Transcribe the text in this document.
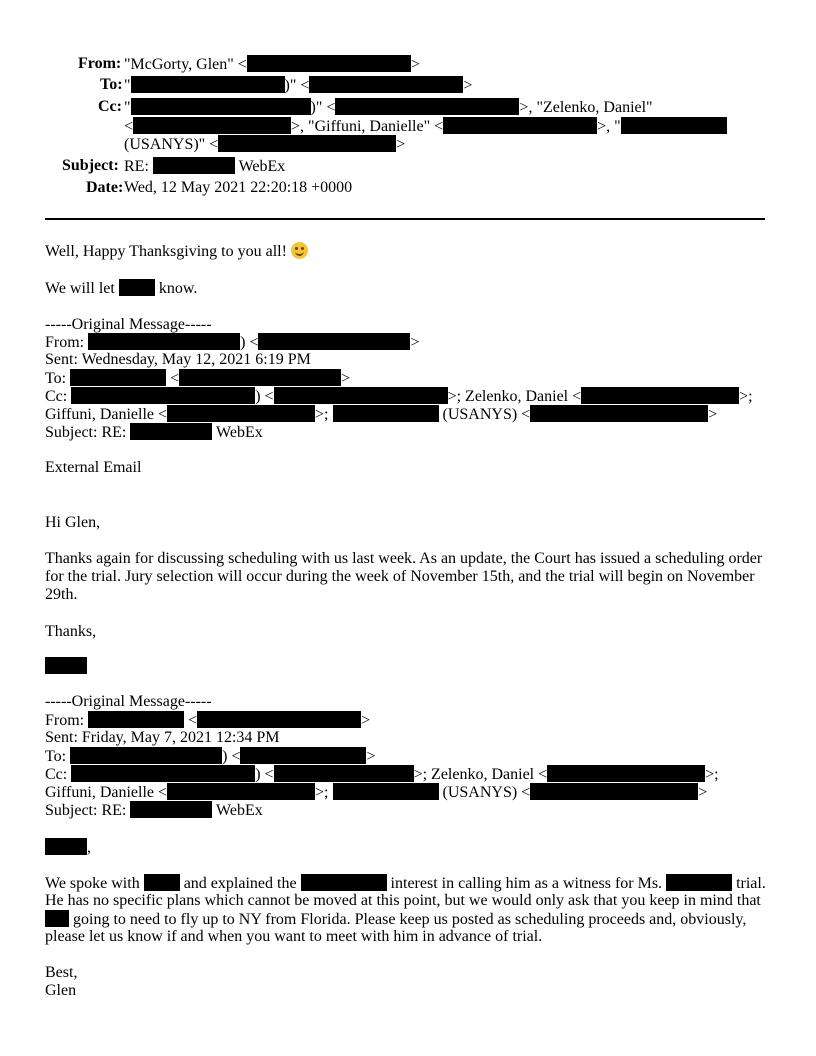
From: "McGorty, Glen" <	>
To: "	)" <	>
Cc: "	)" <	>, "Zelenko, Daniel"
<	>, "Giffuni, Danielle" <	>, "
(USANYS)" <	>
Subject: RE:	WebEx
Date: Wed, 12 May 2021 22:20:18 +0000
Well, Happy Thanksgiving to you all!
We will let	know.
-----Original Message-----
From:	) <	>
Sent: Wednesday, May 12, 2021 6:19 PM
To:	<	>
Cc:	) <	>; Zelenko, Daniel <	>;
Giffuni, Danielle <	>;	(USANYS) <	>
Subject: RE:	WebEx
External Email
Hi Glen,
Thanks again for discussing scheduling with us last week. As an update, the Court has issued a scheduling order
for the trial. Jury selection will occur during the week of November 15th, and the trial will begin on November
29th.
Thanks,
-----Original Message-----
From:	<	>
Sent: Friday, May 7, 2021 12:34 PM
To:	) <	>
Cc:	) <	>; Zelenko, Daniel <	>;
Giffuni, Danielle <	>;	(USANYS) <	>
Subject: RE:	WebEx
,
We spoke with	and explained the	interest in calling him as a witness for Ms.	trial.
He has no specific plans which cannot be moved at this point, but we would only ask that you keep in mind that
going to need to fly up to NY from Florida. Please keep us posted as scheduling proceeds and, obviously,
please let us know if and when you want to meet with him in advance of trial.
Best,
Glen
